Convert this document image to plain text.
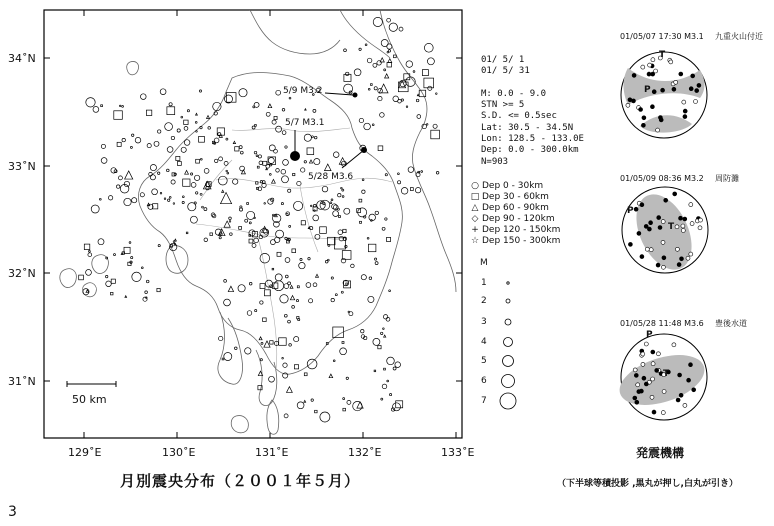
34˚N
33˚N
32˚N
31˚N
129˚E	130˚E	131˚E	132˚E	133˚E
50 km
5/9 M3.2
5/7 M3.1
5/28 M3.6
月別震央分布（２００１年５月）
01/ 5/ 1
01/ 5/ 31

M: 0.0 - 9.0
STN >= 5
S.D. <= 0.5sec
Lat: 30.5 - 34.5N
Lon: 128.5 - 133.0E
Dep: 0.0 - 300.0km
N=903
○ Dep 0 - 30km
□ Dep 30 - 60km
△ Dep 60 - 90km
◇ Dep 90 - 120km
+ Dep 120 - 150km
☆ Dep 150 - 300km
M
1
2
3
4
5
6
7
01/05/07 17:30 M3.1 九重火山付近
T
P
01/05/09 08:36 M3.2 周防灘
T
P
01/05/28 11:48 M3.6 豊後水道
T
P
発震機構
（下半球等積投影 ,黒丸が押し,白丸が引き）
3
